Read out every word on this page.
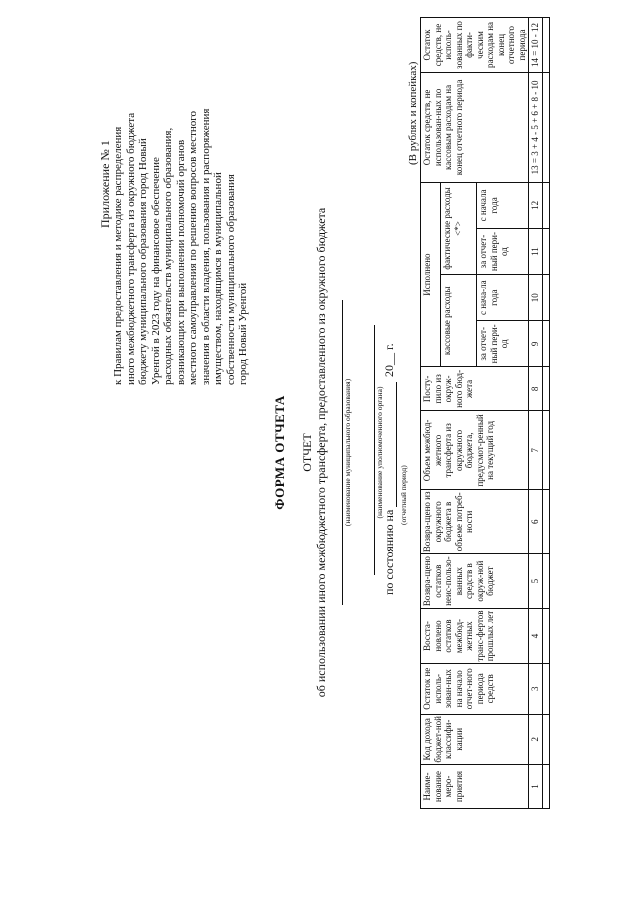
Приложение № 1 к Правилам предоставления и методике распределения иного межбюджетного трансферта из окружного бюджета бюджету муниципального образования город Новый Уренгой в 2023 году на финансовое обеспечение расходных обязательств муниципального образования, возникающих при выполнении полномочий органов местного самоуправления по решению вопросов местного значения в области владения, пользования и распоряжения имуществом, находящимся в муниципальной собственности муниципального образования город Новый Уренгой
ФОРМА ОТЧЕТА ОТЧЕТ об использовании иного межбюджетного трансферта, предоставленного из окружного бюджета (наименование муниципального образования)	(наименование уполномоченного органа)
по состоянию на
20__ г.
(отчетный период)
(В рублях и копейках)
Наиме-нование меро-приятия	Код дохода бюджет-ной классифи-кации	Остаток не исполь-зован-ных на начало отчет-ного периода средств	Восста-новлено остатков межбюд-жетных транс-фертов прошлых лет	Возвра-щено остатков неис-пользо-ванных средств в окруж-ной бюджет	Возвра-щено из окружного бюджета в объеме потреб-ности	Объем межбюд-жетного трансферта из окружного бюджета, предусмот-ренный на текущий год	Посту-пило из окруж-ного бюд-жета	Исполнено				Остаток средств, не использован-ных по кассовым расходам на конец отчетного периода	Остаток средств, не исполь-зованных по факти-ческим расходам на конец отчетного периода
								кассовые расходы		фактические расходы <*>			
								за отчет-ный пери-од	с нача-ла года	за отчет-ный пери-од	с начала года		
1	2	3	4	5	6	7	8	9	10	11	12	13 = 3 + 4 - 5 + 6 + 8 - 10	14 = 10 - 12
